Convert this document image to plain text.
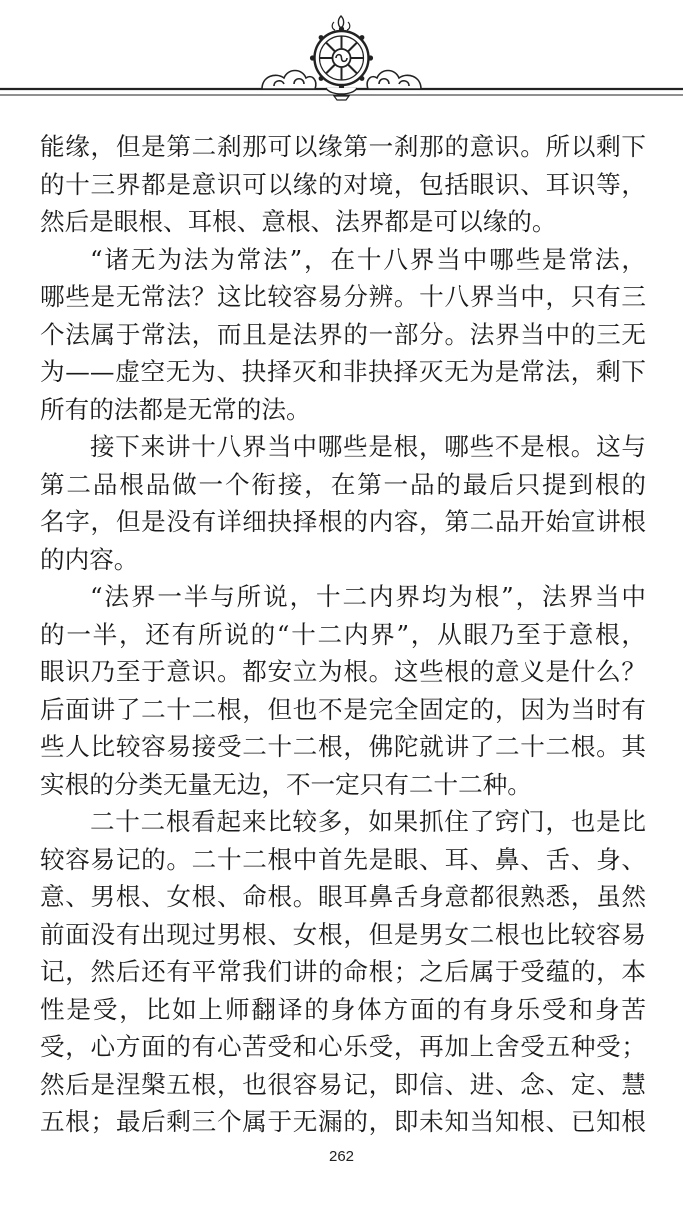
能缘，但是第二刹那可以缘第一刹那的意识。所以剩下
的十三界都是意识可以缘的对境，包括眼识、耳识等，
然后是眼根、耳根、意根、法界都是可以缘的。
“诸无为法为常法”，在十八界当中哪些是常法，
哪些是无常法？这比较容易分辨。十八界当中，只有三
个法属于常法，而且是法界的一部分。法界当中的三无
为——虚空无为、抉择灭和非抉择灭无为是常法，剩下
所有的法都是无常的法。
接下来讲十八界当中哪些是根，哪些不是根。这与
第二品根品做一个衔接，在第一品的最后只提到根的
名字，但是没有详细抉择根的内容，第二品开始宣讲根
的内容。
“法界一半与所说，十二内界均为根”，法界当中
的一半，还有所说的“十二内界”，从眼乃至于意根，
眼识乃至于意识。都安立为根。这些根的意义是什么？
后面讲了二十二根，但也不是完全固定的，因为当时有
些人比较容易接受二十二根，佛陀就讲了二十二根。其
实根的分类无量无边，不一定只有二十二种。
二十二根看起来比较多，如果抓住了窍门，也是比
较容易记的。二十二根中首先是眼、耳、鼻、舌、身、
意、男根、女根、命根。眼耳鼻舌身意都很熟悉，虽然
前面没有出现过男根、女根，但是男女二根也比较容易
记，然后还有平常我们讲的命根；之后属于受蕴的，本
性是受，比如上师翻译的身体方面的有身乐受和身苦
受，心方面的有心苦受和心乐受，再加上舍受五种受；
然后是涅槃五根，也很容易记，即信、进、念、定、慧
五根；最后剩三个属于无漏的，即未知当知根、已知根
262
